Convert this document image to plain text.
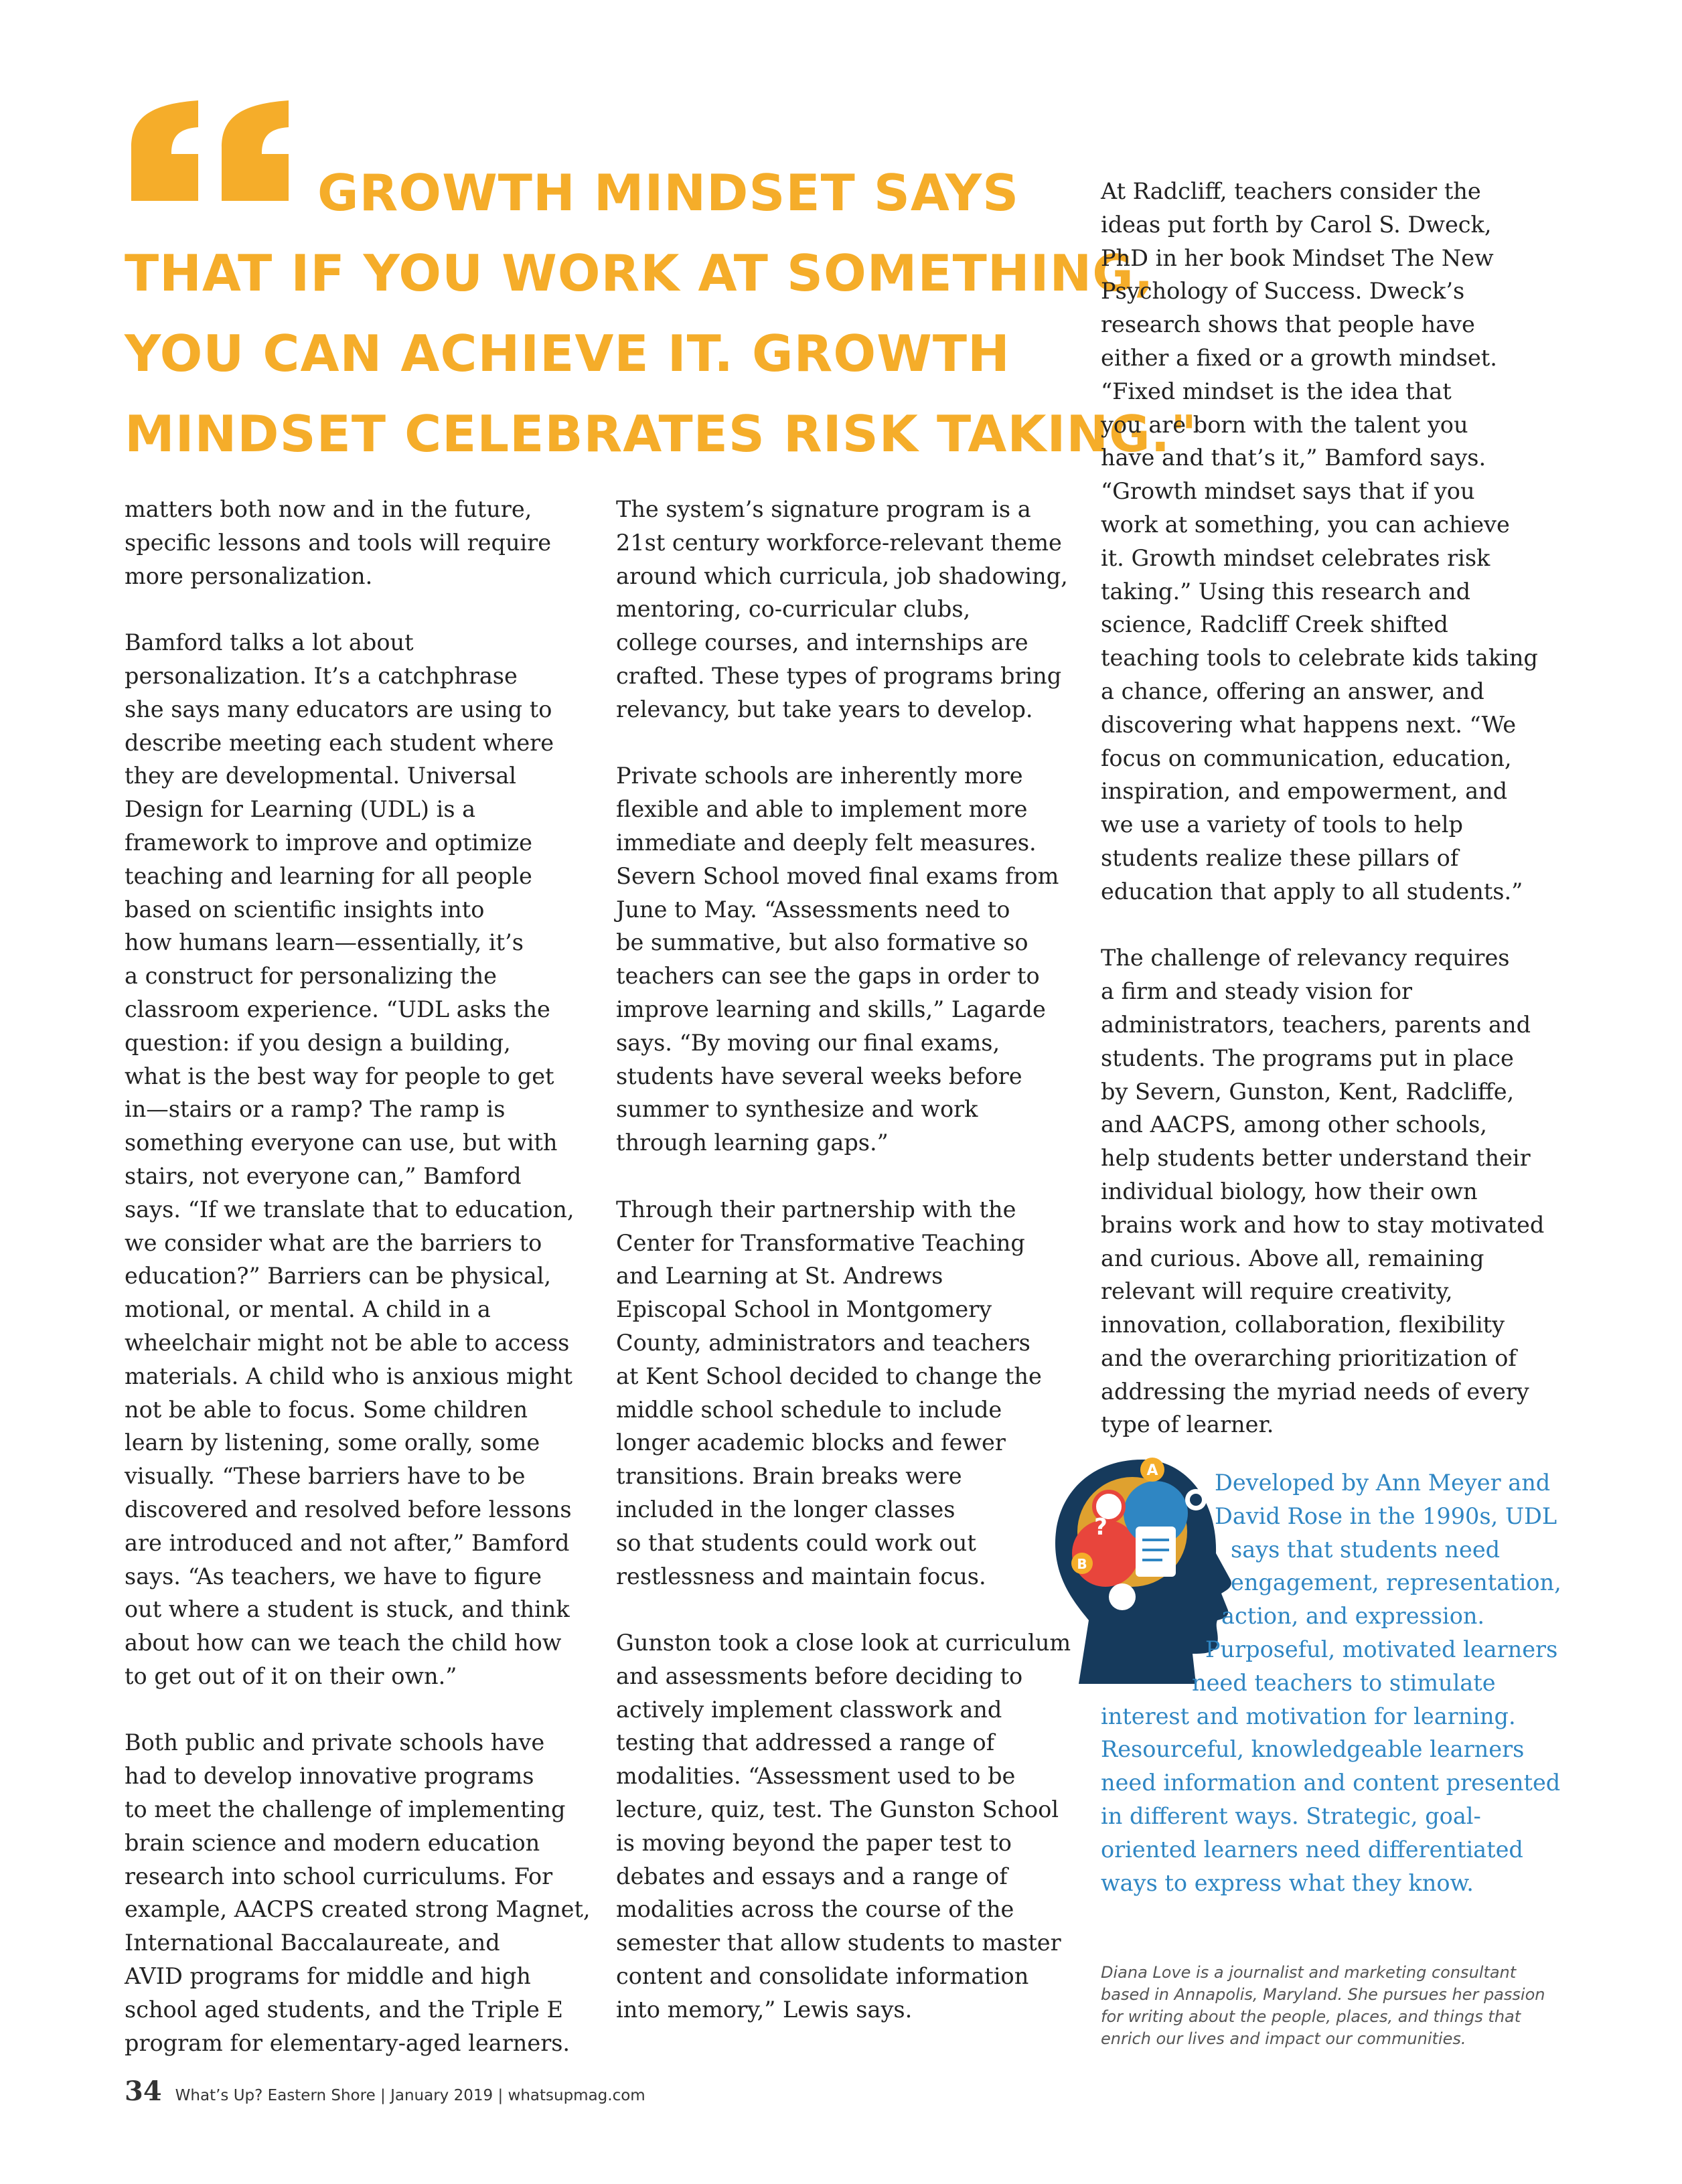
GROWTH MINDSET SAYS
THAT IF YOU WORK AT SOMETHING,
YOU CAN ACHIEVE IT. GROWTH
MINDSET CELEBRATES RISK TAKING."

matters both now and in the future,
specific lessons and tools will require
more personalization.

Bamford talks a lot about
personalization. It’s a catchphrase
she says many educators are using to
describe meeting each student where
they are developmental. Universal
Design for Learning (UDL) is a
framework to improve and optimize
teaching and learning for all people
based on scientific insights into
how humans learn—essentially, it’s
a construct for personalizing the
classroom experience. “UDL asks the
question: if you design a building,
what is the best way for people to get
in—stairs or a ramp? The ramp is
something everyone can use, but with
stairs, not everyone can,” Bamford
says. “If we translate that to education,
we consider what are the barriers to
education?” Barriers can be physical,
motional, or mental. A child in a
wheelchair might not be able to access
materials. A child who is anxious might
not be able to focus. Some children
learn by listening, some orally, some
visually. “These barriers have to be
discovered and resolved before lessons
are introduced and not after,” Bamford
says. “As teachers, we have to figure
out where a student is stuck, and think
about how can we teach the child how
to get out of it on their own.”

Both public and private schools have
had to develop innovative programs
to meet the challenge of implementing
brain science and modern education
research into school curriculums. For
example, AACPS created strong Magnet,
International Baccalaureate, and
AVID programs for middle and high
school aged students, and the Triple E
program for elementary-aged learners.

The system’s signature program is a
21st century workforce-relevant theme
around which curricula, job shadowing,
mentoring, co-curricular clubs,
college courses, and internships are
crafted. These types of programs bring
relevancy, but take years to develop.

Private schools are inherently more
flexible and able to implement more
immediate and deeply felt measures.
Severn School moved final exams from
June to May. “Assessments need to
be summative, but also formative so
teachers can see the gaps in order to
improve learning and skills,” Lagarde
says. “By moving our final exams,
students have several weeks before
summer to synthesize and work
through learning gaps.”

Through their partnership with the
Center for Transformative Teaching
and Learning at St. Andrews
Episcopal School in Montgomery
County, administrators and teachers
at Kent School decided to change the
middle school schedule to include
longer academic blocks and fewer
transitions. Brain breaks were
included in the longer classes
so that students could work out
restlessness and maintain focus.

Gunston took a close look at curriculum
and assessments before deciding to
actively implement classwork and
testing that addressed a range of
modalities. “Assessment used to be
lecture, quiz, test. The Gunston School
is moving beyond the paper test to
debates and essays and a range of
modalities across the course of the
semester that allow students to master
content and consolidate information
into memory,” Lewis says.

At Radcliff, teachers consider the
ideas put forth by Carol S. Dweck,
PhD in her book Mindset The New
Psychology of Success. Dweck’s
research shows that people have
either a fixed or a growth mindset.
“Fixed mindset is the idea that
you are born with the talent you
have and that’s it,” Bamford says.
“Growth mindset says that if you
work at something, you can achieve
it. Growth mindset celebrates risk
taking.” Using this research and
science, Radcliff Creek shifted
teaching tools to celebrate kids taking
a chance, offering an answer, and
discovering what happens next. “We
focus on communication, education,
inspiration, and empowerment, and
we use a variety of tools to help
students realize these pillars of
education that apply to all students.”

The challenge of relevancy requires
a firm and steady vision for
administrators, teachers, parents and
students. The programs put in place
by Severn, Gunston, Kent, Radcliffe,
and AACPS, among other schools,
help students better understand their
individual biology, how their own
brains work and how to stay motivated
and curious. Above all, remaining
relevant will require creativity,
innovation, collaboration, flexibility
and the overarching prioritization of
addressing the myriad needs of every
type of learner.

A
?
B
Developed by Ann Meyer and
David Rose in the 1990s, UDL
says that students need
engagement, representation,
action, and expression.
Purposeful, motivated learners
need teachers to stimulate
interest and motivation for learning.
Resourceful, knowledgeable learners
need information and content presented
in different ways. Strategic, goal-
oriented learners need differentiated
ways to express what they know.
Diana Love is a journalist and marketing consultant
based in Annapolis, Maryland. She pursues her passion
for writing about the people, places, and things that
enrich our lives and impact our communities.
34 What’s Up? Eastern Shore | January 2019 | whatsupmag.com
